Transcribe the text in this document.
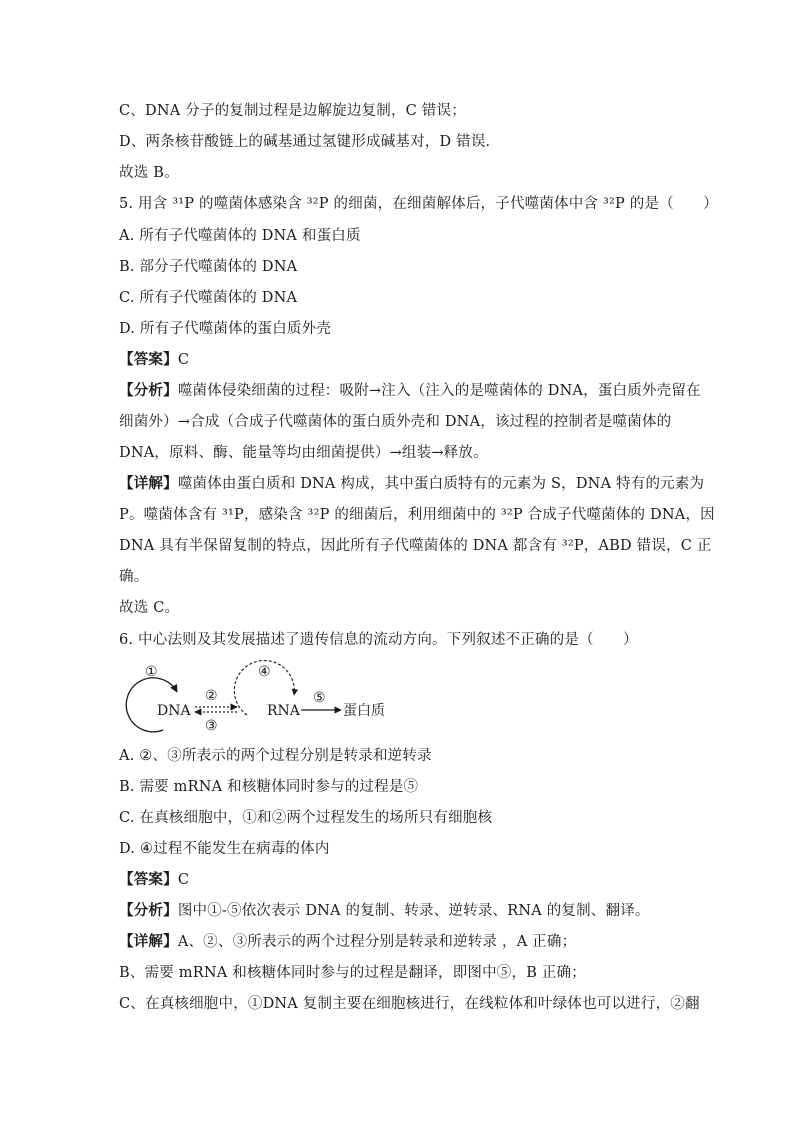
C、DNA 分子的复制过程是边解旋边复制，C 错误；
D、两条核苷酸链上的碱基通过氢键形成碱基对，D 错误．
故选 B。
5. 用含 ³¹P 的噬菌体感染含 ³²P 的细菌，在细菌解体后，子代噬菌体中含 ³²P 的是（　　）
A. 所有子代噬菌体的 DNA 和蛋白质
B. 部分子代噬菌体的 DNA
C. 所有子代噬菌体的 DNA
D. 所有子代噬菌体的蛋白质外壳
【答案】C
【分析】噬菌体侵染细菌的过程：吸附→注入（注入的是噬菌体的 DNA，蛋白质外壳留在
细菌外）→合成（合成子代噬菌体的蛋白质外壳和 DNA，该过程的控制者是噬菌体的
DNA，原料、酶、能量等均由细菌提供）→组装→释放。
【详解】噬菌体由蛋白质和 DNA 构成，其中蛋白质特有的元素为 S，DNA 特有的元素为
P。噬菌体含有 ³¹P，感染含 ³²P 的细菌后，利用细菌中的 ³²P 合成子代噬菌体的 DNA，因
DNA 具有半保留复制的特点，因此所有子代噬菌体的 DNA 都含有 ³²P，ABD 错误，C 正
确。
故选 C。
6. 中心法则及其发展描述了遗传信息的流动方向。下列叙述不正确的是（　　）
A. ②、③所表示的两个过程分别是转录和逆转录
B. 需要 mRNA 和核糖体同时参与的过程是⑤
C. 在真核细胞中，①和②两个过程发生的场所只有细胞核
D. ④过程不能发生在病毒的体内
【答案】C
【分析】图中①-⑤依次表示 DNA 的复制、转录、逆转录、RNA 的复制、翻译。
【详解】A、②、③所表示的两个过程分别是转录和逆转录 ，A 正确；
B、需要 mRNA 和核糖体同时参与的过程是翻译，即图中⑤，B 正确；
C、在真核细胞中，①DNA 复制主要在细胞核进行，在线粒体和叶绿体也可以进行，②翻
①
DNA
②
③
④
RNA
⑤
蛋白质
